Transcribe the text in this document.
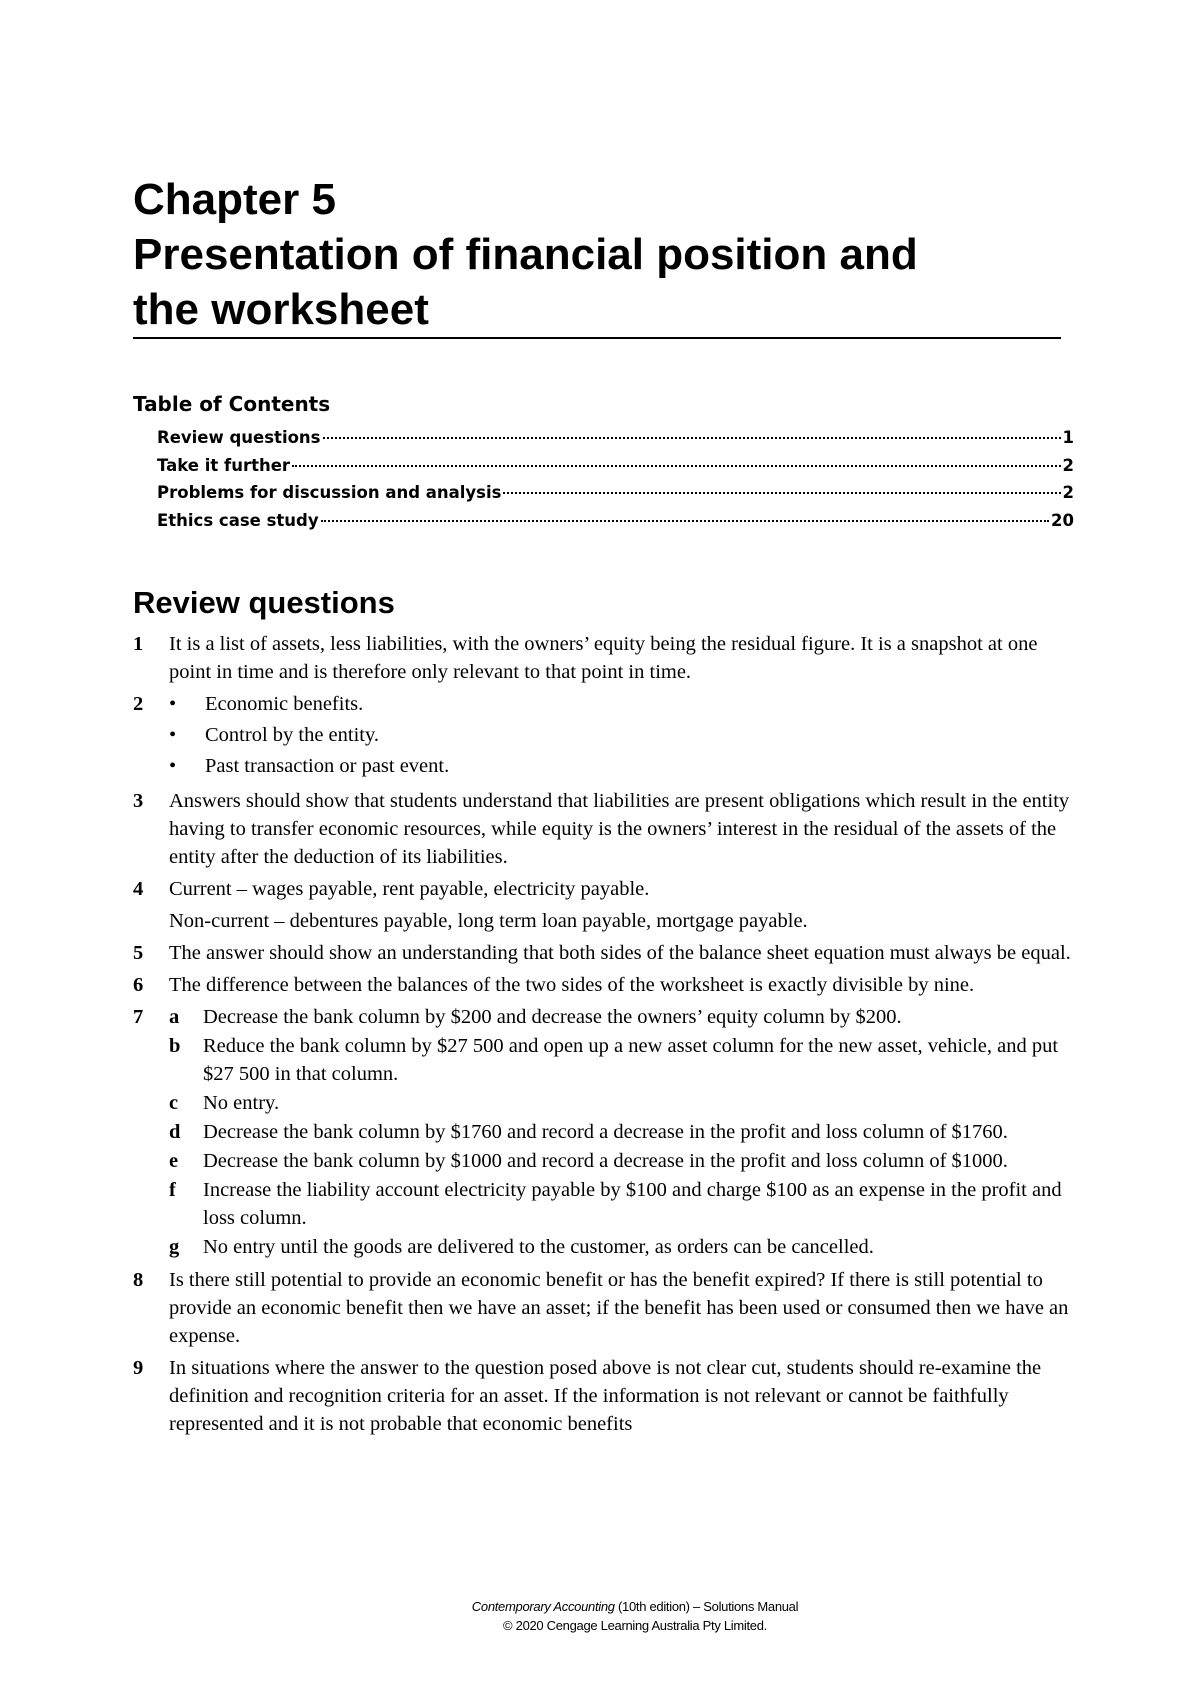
Chapter 5
Presentation of financial position and
the worksheet
Table of Contents
Review questions	1
Take it further	2
Problems for discussion and analysis	2
Ethics case study	20
Review questions
1	It is a list of assets, less liabilities, with the owners’ equity being the residual figure. It is a snapshot at one point in time and is therefore only relevant to that point in time.
2	•	Economic benefits.
•	Control by the entity.
•	Past transaction or past event.
3	Answers should show that students understand that liabilities are present obligations which result in the entity having to transfer economic resources, while equity is the owners’ interest in the residual of the assets of the entity after the deduction of its liabilities.
4	Current – wages payable, rent payable, electricity payable.
Non-current – debentures payable, long term loan payable, mortgage payable.
5	The answer should show an understanding that both sides of the balance sheet equation must always be equal.
6	The difference between the balances of the two sides of the worksheet is exactly divisible by nine.
7	a	Decrease the bank column by $200 and decrease the owners’ equity column by $200.
b	Reduce the bank column by $27 500 and open up a new asset column for the new asset, vehicle, and put $27 500 in that column.
c	No entry.
d	Decrease the bank column by $1760 and record a decrease in the profit and loss column of $1760.
e	Decrease the bank column by $1000 and record a decrease in the profit and loss column of $1000.
f	Increase the liability account electricity payable by $100 and charge $100 as an expense in the profit and loss column.
g	No entry until the goods are delivered to the customer, as orders can be cancelled.
8	Is there still potential to provide an economic benefit or has the benefit expired? If there is still potential to provide an economic benefit then we have an asset; if the benefit has been used or consumed then we have an expense.
9	In situations where the answer to the question posed above is not clear cut, students should re-examine the definition and recognition criteria for an asset. If the information is not relevant or cannot be faithfully represented and it is not probable that economic benefits
Contemporary Accounting (10th edition) – Solutions Manual
© 2020 Cengage Learning Australia Pty Limited.
